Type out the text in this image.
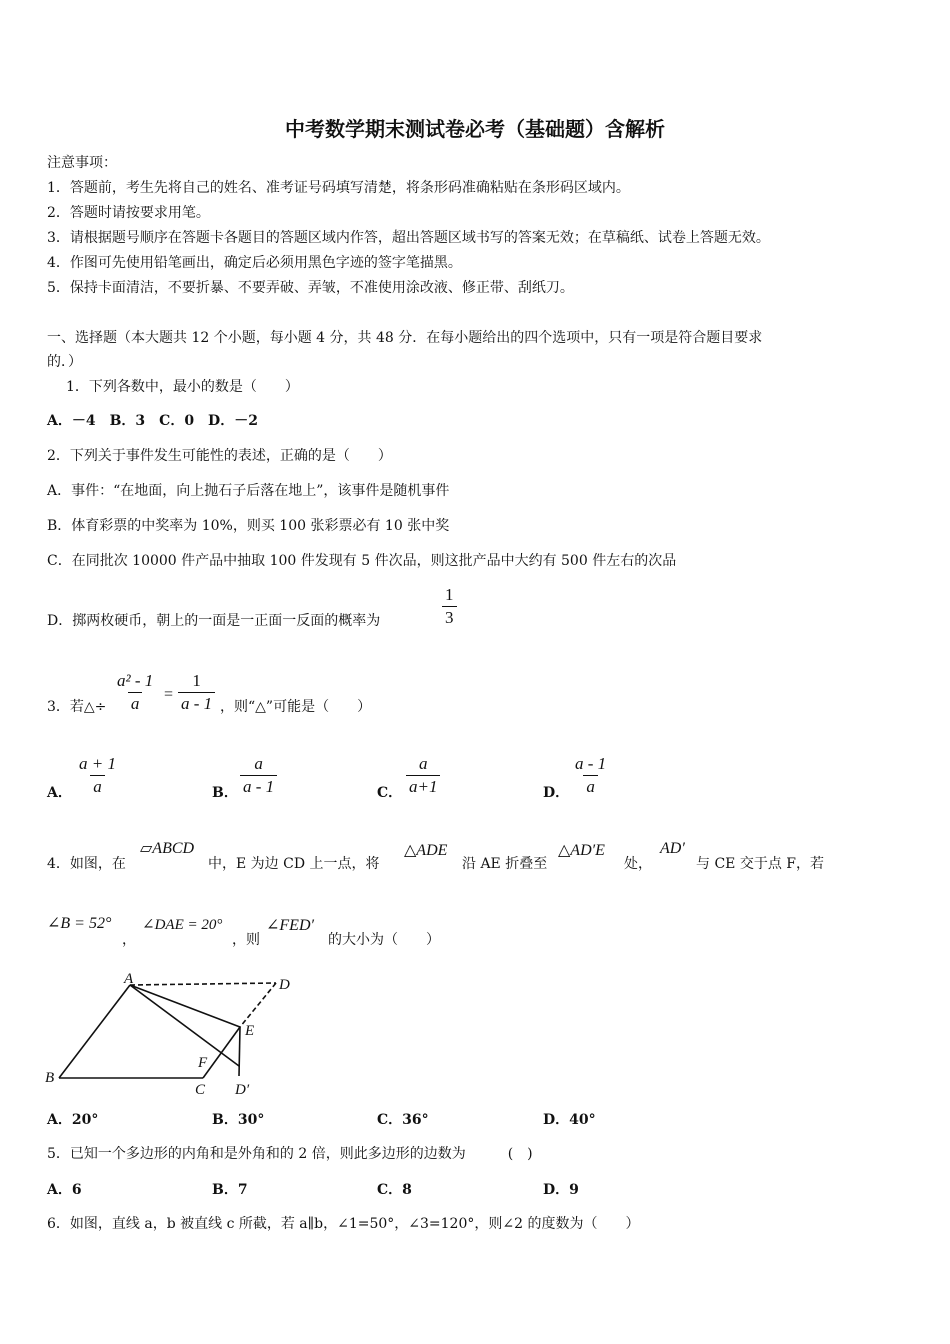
中考数学期末测试卷必考（基础题）含解析
注意事项：
1．答题前，考生先将自己的姓名、准考证号码填写清楚，将条形码准确粘贴在条形码区域内。
2．答题时请按要求用笔。
3．请根据题号顺序在答题卡各题目的答题区域内作答，超出答题区域书写的答案无效；在草稿纸、试卷上答题无效。
4．作图可先使用铅笔画出，确定后必须用黑色字迹的签字笔描黑。
5．保持卡面清洁，不要折暴、不要弄破、弄皱，不准使用涂改液、修正带、刮纸刀。
一、选择题（本大题共 12 个小题，每小题 4 分，共 48 分．在每小题给出的四个选项中，只有一项是符合题目要求
的．）
1．下列各数中，最小的数是（　　）
A．－4　B．3　C．0　D．－2
2．下列关于事件发生可能性的表述，正确的是（　　）
A．事件：“在地面，向上抛石子后落在地上”，该事件是随机事件
B．体育彩票的中奖率为 10%，则买 100 张彩票必有 10 张中奖
C．在同批次 10000 件产品中抽取 100 件发现有 5 件次品，则这批产品中大约有 500 件左右的次品
D．掷两枚硬币，朝上的一面是一正面一反面的概率为	$\frac{1}{3}$
3．若△÷ $\frac{\text{a² - 1}}{a} = \frac{1}{a - 1}$ ，则“△”可能是（　　）
A． $\frac{a + 1}{a}$	B． $\frac{a}{a - 1}$	C． $\frac{a}{a+1}$	D． $\frac{a - 1}{a}$
4．如图，在
▱ABCD
中，E 为边 CD 上一点，将
△ADE
沿 AE 折叠至
△AD′E
处，
AD′
与 CE 交于点 F，若
∠B = 52°
，
∠DAE = 20°
，则
∠FED′
的大小为（　　）
A
B
C
D
E
F
D′
A．20°	B．30°	C．36°	D．40°
5．已知一个多边形的内角和是外角和的 2 倍，则此多边形的边数为　　　(　)
A．6	B．7	C．8	D．9
6．如图，直线 a，b 被直线 c 所截，若 a∥b，∠1=50°，∠3=120°，则∠2 的度数为（　　）
